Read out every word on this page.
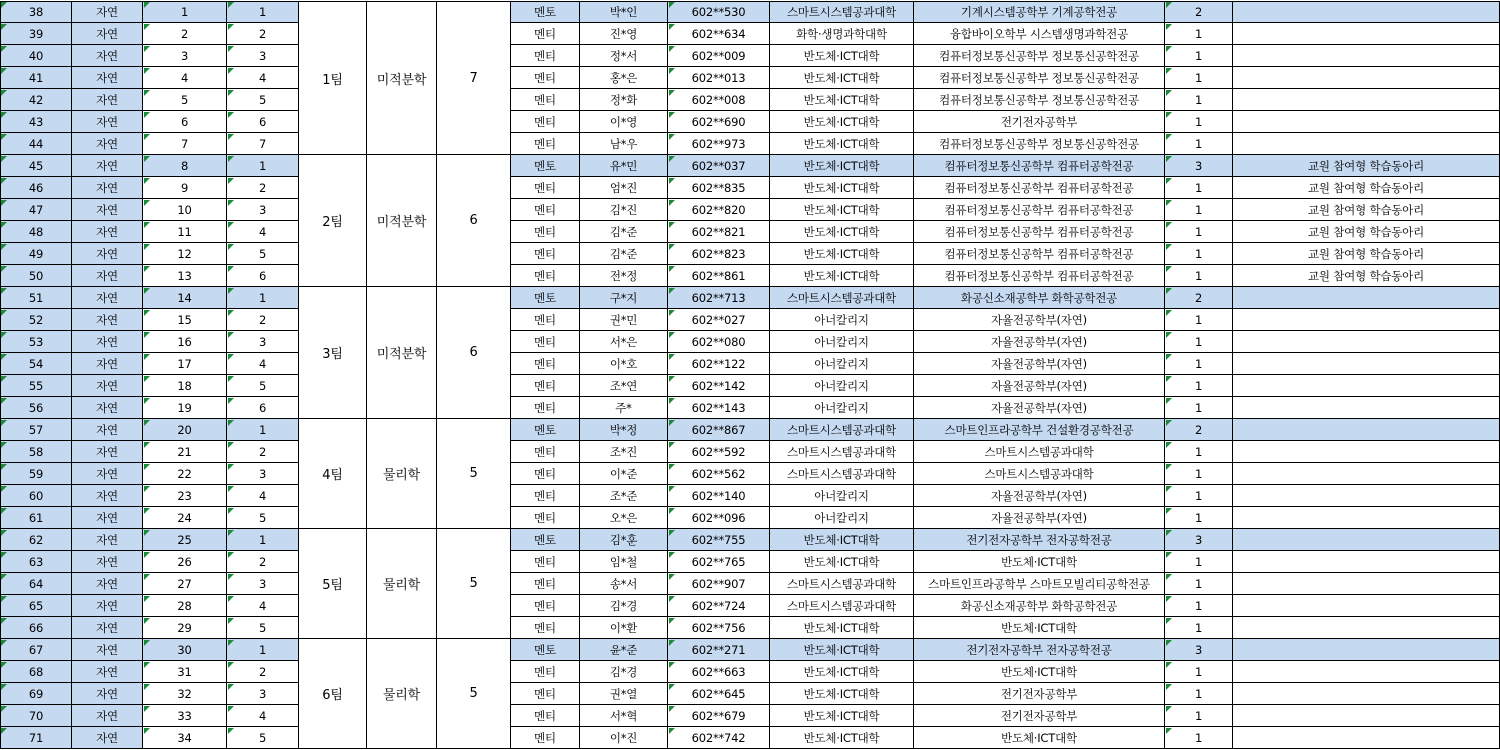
38	자연	1	1	멘토	박*인	602**530	스마트시스템공과대학	기계시스템공학부 기계공학전공	2
39	자연	2	2	멘티	진*영	602**634	화학·생명과학대학	융합바이오학부 시스템생명과학전공	1
40	자연	3	3	멘티	정*서	602**009	반도체·ICT대학	컴퓨터정보통신공학부 정보통신공학전공	1
41	자연	4	4	멘티	홍*은	602**013	반도체·ICT대학	컴퓨터정보통신공학부 정보통신공학전공	1
42	자연	5	5	멘티	정*화	602**008	반도체·ICT대학	컴퓨터정보통신공학부 정보통신공학전공	1
43	자연	6	6	멘티	이*영	602**690	반도체·ICT대학	전기전자공학부	1
44	자연	7	7	멘티	남*우	602**973	반도체·ICT대학	컴퓨터정보통신공학부 정보통신공학전공	1
1팀	미적분학	7
45	자연	8	1	멘토	유*민	602**037	반도체·ICT대학	컴퓨터정보통신공학부 컴퓨터공학전공	3	교원 참여형 학습동아리
46	자연	9	2	멘티	엄*진	602**835	반도체·ICT대학	컴퓨터정보통신공학부 컴퓨터공학전공	1	교원 참여형 학습동아리
47	자연	10	3	멘티	김*진	602**820	반도체·ICT대학	컴퓨터정보통신공학부 컴퓨터공학전공	1	교원 참여형 학습동아리
48	자연	11	4	멘티	김*준	602**821	반도체·ICT대학	컴퓨터정보통신공학부 컴퓨터공학전공	1	교원 참여형 학습동아리
49	자연	12	5	멘티	김*준	602**823	반도체·ICT대학	컴퓨터정보통신공학부 컴퓨터공학전공	1	교원 참여형 학습동아리
50	자연	13	6	멘티	전*정	602**861	반도체·ICT대학	컴퓨터정보통신공학부 컴퓨터공학전공	1	교원 참여형 학습동아리
2팀	미적분학	6
51	자연	14	1	멘토	구*지	602**713	스마트시스템공과대학	화공신소재공학부 화학공학전공	2
52	자연	15	2	멘티	권*민	602**027	아너칼리지	자율전공학부(자연)	1
53	자연	16	3	멘티	서*은	602**080	아너칼리지	자율전공학부(자연)	1
54	자연	17	4	멘티	이*호	602**122	아너칼리지	자율전공학부(자연)	1
55	자연	18	5	멘티	조*연	602**142	아너칼리지	자율전공학부(자연)	1
56	자연	19	6	멘티	주*	602**143	아너칼리지	자율전공학부(자연)	1
3팀	미적분학	6
57	자연	20	1	멘토	박*정	602**867	스마트시스템공과대학	스마트인프라공학부 건설환경공학전공	2
58	자연	21	2	멘티	조*진	602**592	스마트시스템공과대학	스마트시스템공과대학	1
59	자연	22	3	멘티	이*준	602**562	스마트시스템공과대학	스마트시스템공과대학	1
60	자연	23	4	멘티	조*준	602**140	아너칼리지	자율전공학부(자연)	1
61	자연	24	5	멘티	오*은	602**096	아너칼리지	자율전공학부(자연)	1
4팀	물리학	5
62	자연	25	1	멘토	김*훈	602**755	반도체·ICT대학	전기전자공학부 전자공학전공	3
63	자연	26	2	멘티	임*철	602**765	반도체·ICT대학	반도체·ICT대학	1
64	자연	27	3	멘티	송*서	602**907	스마트시스템공과대학	스마트인프라공학부 스마트모빌리티공학전공	1
65	자연	28	4	멘티	김*경	602**724	스마트시스템공과대학	화공신소재공학부 화학공학전공	1
66	자연	29	5	멘티	이*환	602**756	반도체·ICT대학	반도체·ICT대학	1
5팀	물리학	5
67	자연	30	1	멘토	윤*준	602**271	반도체·ICT대학	전기전자공학부 전자공학전공	3
68	자연	31	2	멘티	김*경	602**663	반도체·ICT대학	반도체·ICT대학	1
69	자연	32	3	멘티	권*열	602**645	반도체·ICT대학	전기전자공학부	1
70	자연	33	4	멘티	서*혁	602**679	반도체·ICT대학	전기전자공학부	1
71	자연	34	5	멘티	이*진	602**742	반도체·ICT대학	반도체·ICT대학	1
6팀	물리학	5
